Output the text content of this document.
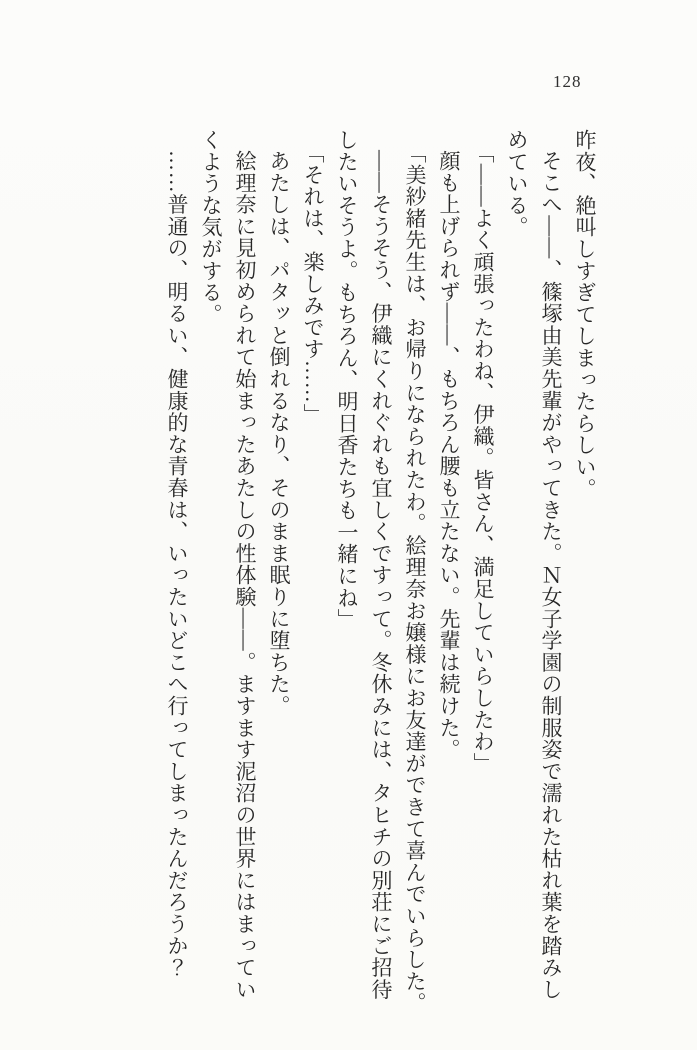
128
昨夜、絶叫しすぎてしまったらしい。
そこへ――、篠塚由美先輩がやってきた。Ｎ女子学園の制服姿で濡れた枯れ葉を踏みし
めている。
「――よく頑張ったわね、伊織。皆さん、満足していらしたわ」
顔も上げられず――、もちろん腰も立たない。先輩は続けた。
「美紗緒先生は、お帰りになられたわ。絵理奈お嬢様にお友達ができて喜んでいらした。
――そうそう、伊織にくれぐれも宜しくですって。冬休みには、タヒチの別荘にご招待
したいそうよ。もちろん、明日香たちも一緒にね」
「それは、楽しみです……」
あたしは、パタッと倒れるなり、そのまま眠りに堕ちた。
絵理奈に見初められて始まったあたしの性体験――。ますます泥沼の世界にはまってい
くような気がする。
……普通の、明るい、健康的な青春は、いったいどこへ行ってしまったんだろうか？
